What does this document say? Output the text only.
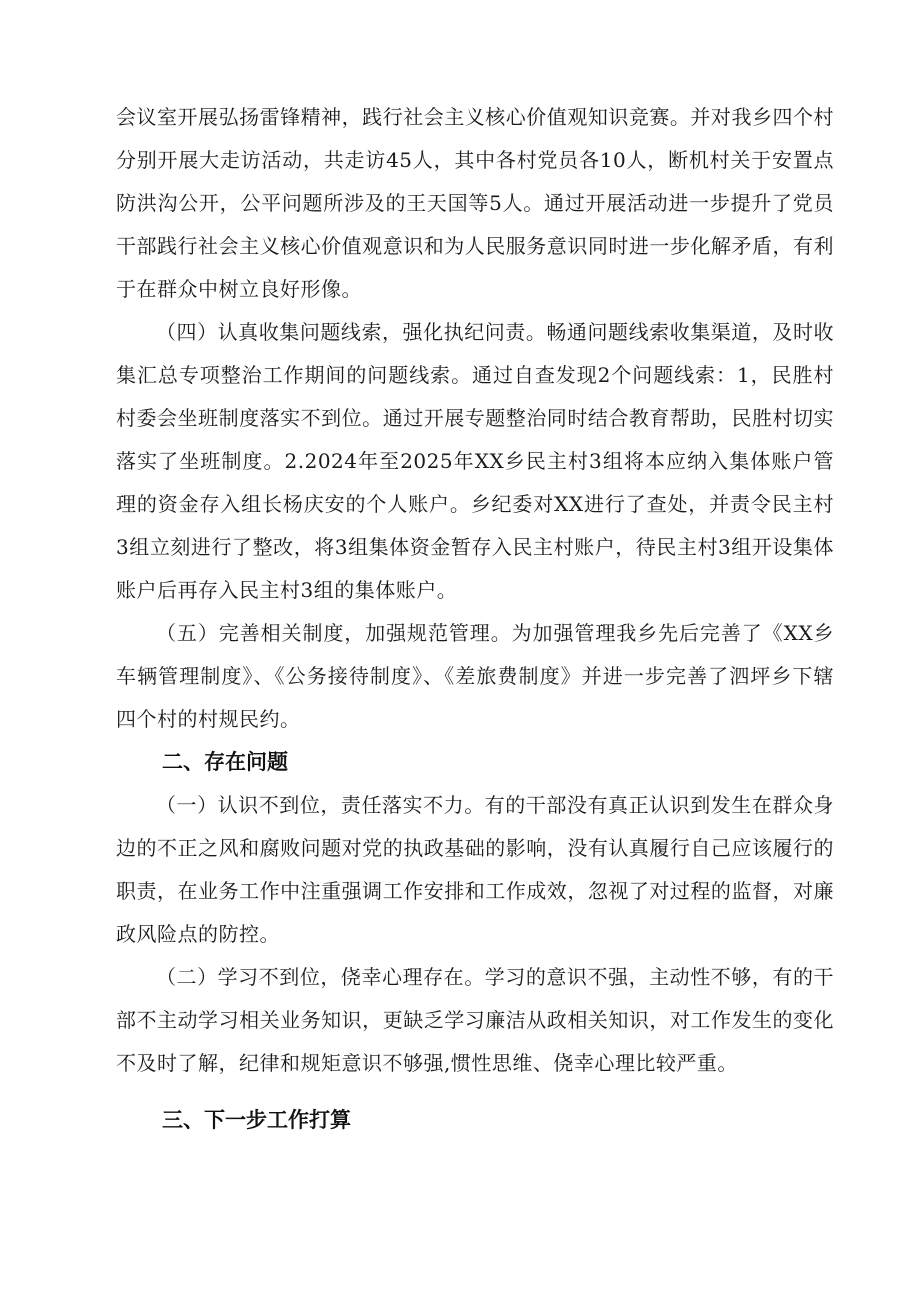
会议室开展弘扬雷锋精神，践行社会主义核心价值观知识竞赛。并对我乡四个村分别开展大走访活动，共走访45人，其中各村党员各10人，断机村关于安置点防洪沟公开，公平问题所涉及的王天国等5人。通过开展活动进一步提升了党员干部践行社会主义核心价值观意识和为人民服务意识同时进一步化解矛盾，有利于在群众中树立良好形像。

（四）认真收集问题线索，强化执纪问责。畅通问题线索收集渠道，及时收集汇总专项整治工作期间的问题线索。通过自查发现2个问题线索：1，民胜村村委会坐班制度落实不到位。通过开展专题整治同时结合教育帮助，民胜村切实落实了坐班制度。2.2024年至2025年XX乡民主村3组将本应纳入集体账户管理的资金存入组长杨庆安的个人账户。乡纪委对XX进行了查处，并责令民主村3组立刻进行了整改，将3组集体资金暂存入民主村账户，待民主村3组开设集体账户后再存入民主村3组的集体账户。

（五）完善相关制度，加强规范管理。为加强管理我乡先后完善了《XX乡车辆管理制度》、《公务接待制度》、《差旅费制度》并进一步完善了泗坪乡下辖四个村的村规民约。

二、存在问题

（一）认识不到位，责任落实不力。有的干部没有真正认识到发生在群众身边的不正之风和腐败问题对党的执政基础的影响，没有认真履行自己应该履行的职责，在业务工作中注重强调工作安排和工作成效，忽视了对过程的监督，对廉政风险点的防控。

（二）学习不到位，侥幸心理存在。学习的意识不强，主动性不够，有的干部不主动学习相关业务知识，更缺乏学习廉洁从政相关知识，对工作发生的变化不及时了解，纪律和规矩意识不够强,惯性思维、侥幸心理比较严重。

三、下一步工作打算
